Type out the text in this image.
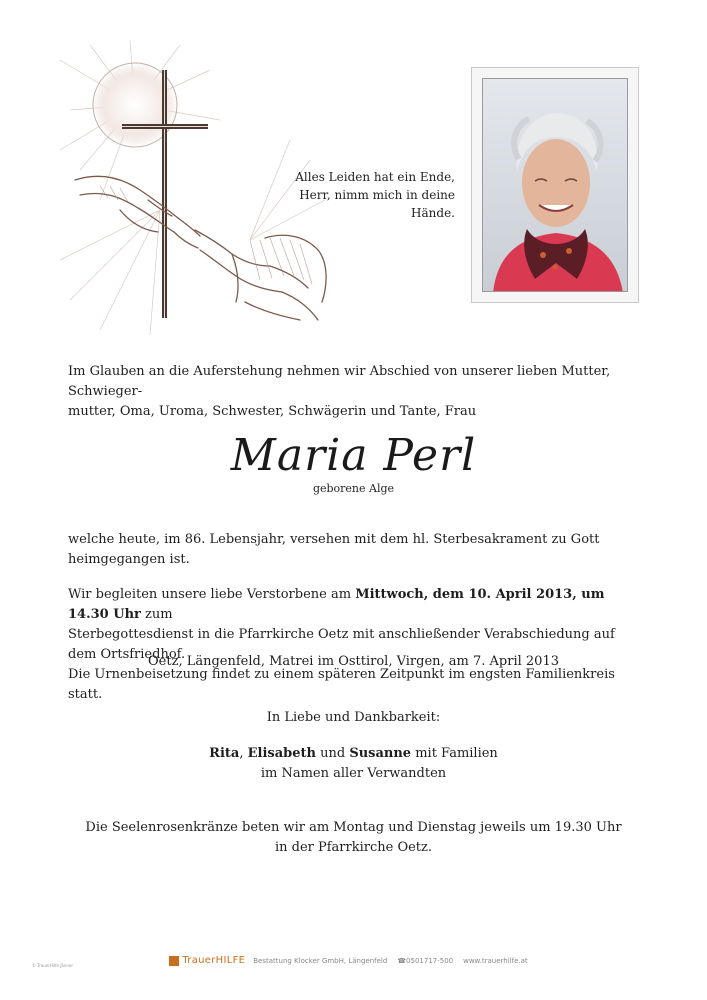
Alles Leiden hat ein Ende,
Herr, nimm mich in deine Hände.
Im Glauben an die Auferstehung nehmen wir Abschied von unserer lieben Mutter, Schwieger-
mutter, Oma, Uroma, Schwester, Schwägerin und Tante, Frau
Maria Perl
geborene Alge
welche heute, im 86. Lebensjahr, versehen mit dem hl. Sterbesakrament zu Gott heimgegangen ist.
Wir begleiten unsere liebe Verstorbene am Mittwoch, dem 10. April 2013, um 14.30 Uhr zum
Sterbegottesdienst in die Pfarrkirche Oetz mit anschließender Verabschiedung auf dem Ortsfriedhof.
Die Urnenbeisetzung findet zu einem späteren Zeitpunkt im engsten Familienkreis statt.
Oetz, Längenfeld, Matrei im Osttirol, Virgen, am 7. April 2013
In Liebe und Dankbarkeit:
Rita, Elisabeth und Susanne mit Familien
im Namen aller Verwandten
Die Seelenrosenkränze beten wir am Montag und Dienstag jeweils um 19.30 Uhr
in der Pfarrkirche Oetz.
TrauerHILFE Bestattung Klocker GmbH, Längenfeld ☎0501717-500 www.trauerhilfe.at
© TrauerHilfe Jänner
